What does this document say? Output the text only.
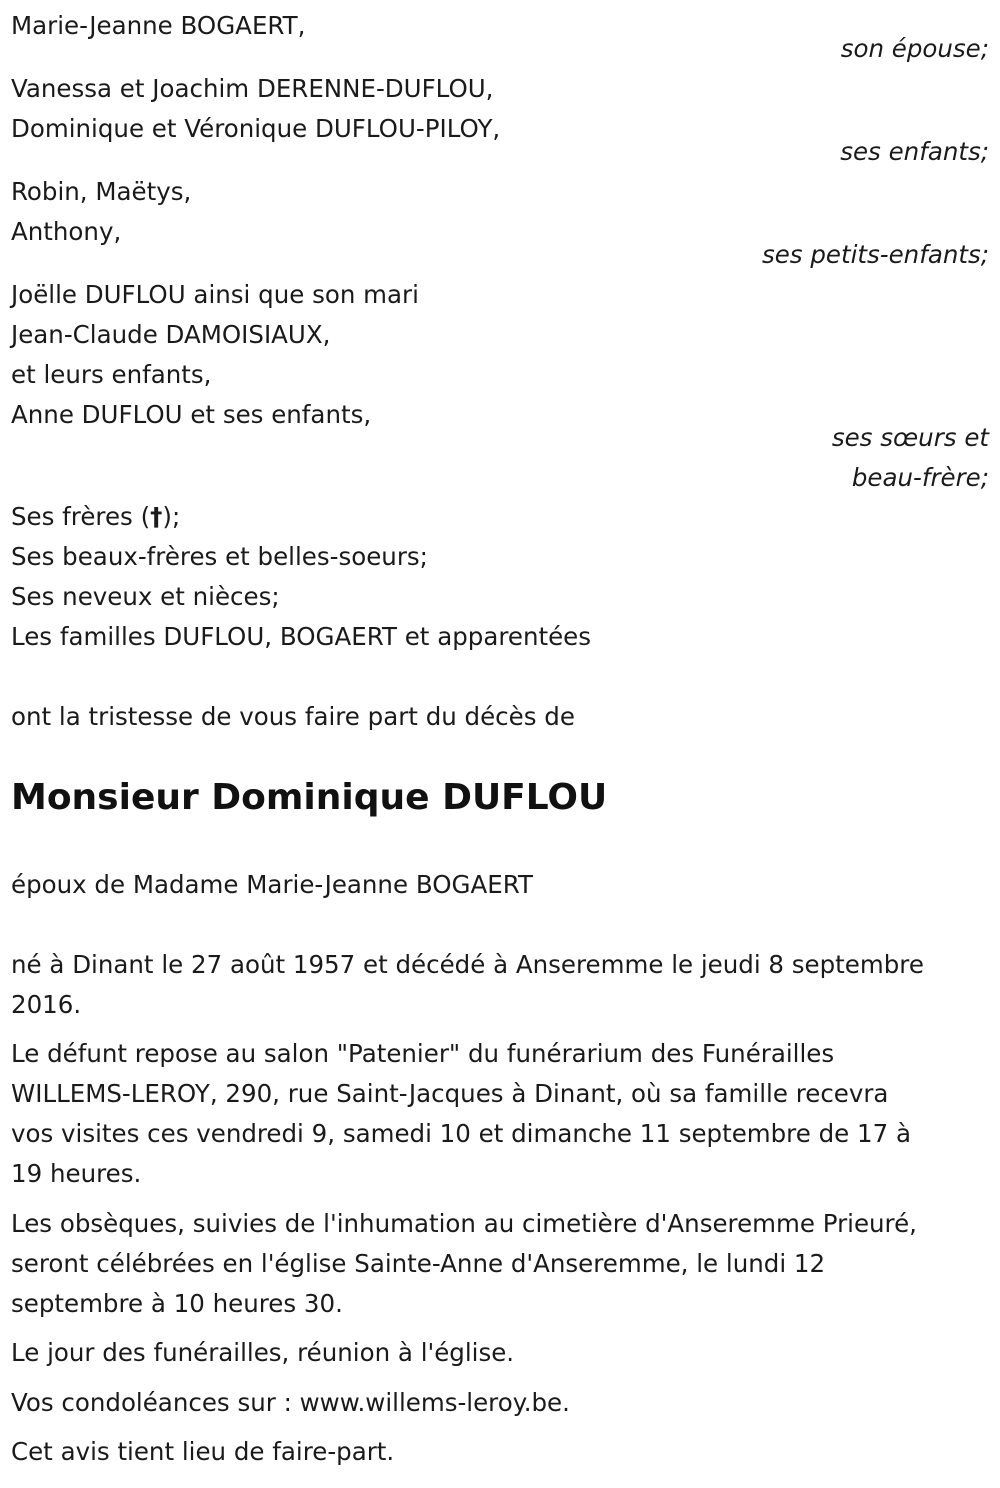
Marie-Jeanne BOGAERT,
son épouse;
Vanessa et Joachim DERENNE-DUFLOU,
Dominique et Véronique DUFLOU-PILOY,
ses enfants;
Robin, Maëtys,
Anthony,
ses petits-enfants;
Joëlle DUFLOU ainsi que son mari
Jean-Claude DAMOISIAUX,
et leurs enfants,
Anne DUFLOU et ses enfants,
ses sœurs et
beau-frère;
Ses frères (†);
Ses beaux-frères et belles-soeurs;
Ses neveux et nièces;
Les familles DUFLOU, BOGAERT et apparentées
ont la tristesse de vous faire part du décès de
Monsieur Dominique DUFLOU
époux de Madame Marie-Jeanne BOGAERT
né à Dinant le 27 août 1957 et décédé à Anseremme le jeudi 8 septembre
2016.
Le défunt repose au salon "Patenier" du funérarium des Funérailles
WILLEMS-LEROY, 290, rue Saint-Jacques à Dinant, où sa famille recevra
vos visites ces vendredi 9, samedi 10 et dimanche 11 septembre de 17 à
19 heures.
Les obsèques, suivies de l'inhumation au cimetière d'Anseremme Prieuré,
seront célébrées en l'église Sainte-Anne d'Anseremme, le lundi 12
septembre à 10 heures 30.
Le jour des funérailles, réunion à l'église.
Vos condoléances sur : www.willems-leroy.be.
Cet avis tient lieu de faire-part.
